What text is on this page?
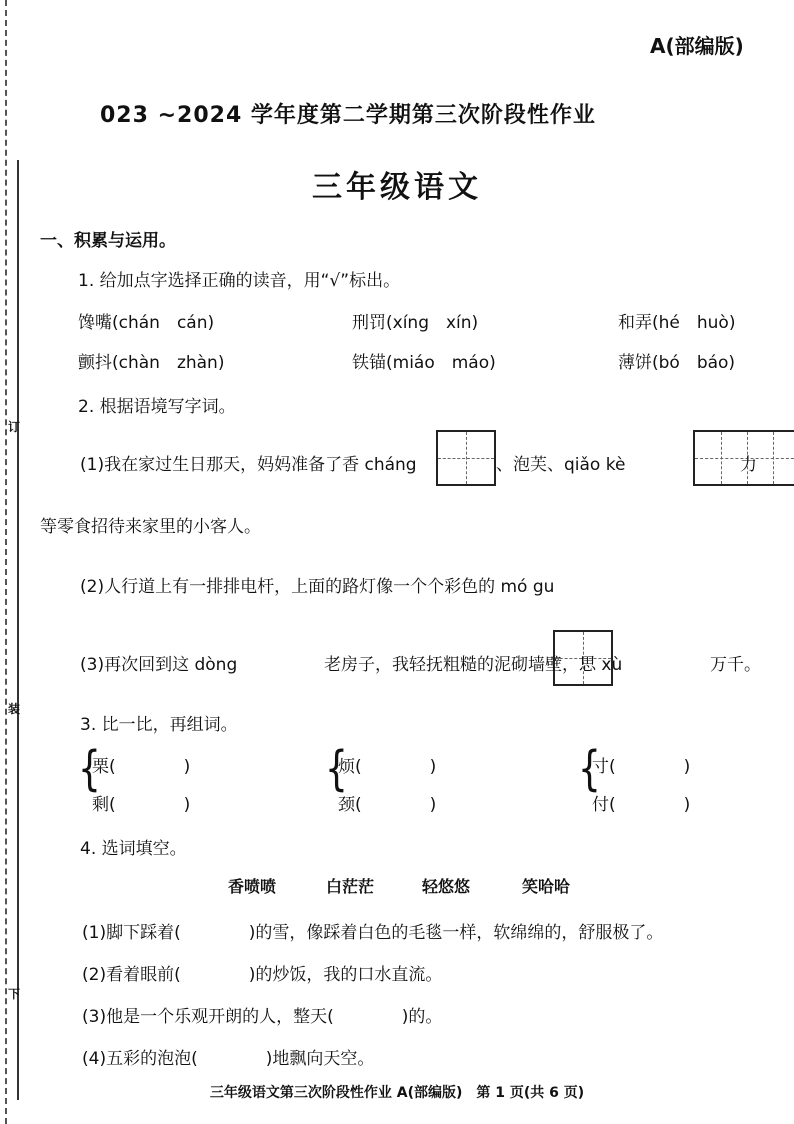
订
装
下
A(部编版)
023 ~2024 学年度第二学期第三次阶段性作业
三年级语文
一、积累与运用。
1. 给加点字选择正确的读音，用“√”标出。
馋嘴(chán　cán)	刑罚(xíng　xín)	和弄(hé　huò)
颤抖(chàn　zhàn)	铁锚(miáo　máo)	薄饼(bó　báo)
2. 根据语境写字词。
(1)我在家过生日那天，妈妈准备了香 cháng
	、泡芙、qiǎo kè
	力
等零食招待来家里的小客人。
(2)人行道上有一排排电杆，上面的路灯像一个个彩色的 mó gu

(3)再次回到这 dòng
	老房子，我轻抚粗糙的泥砌墙壁，思 xù	万千。
3. 比一比，再组词。
{
栗(　　　　)
剩(　　　　)
{
烦(　　　　)
颈(　　　　)
{
寸(　　　　)
付(　　　　)
4. 选词填空。
香喷喷	白茫茫	轻悠悠	笑哈哈
(1)脚下踩着(　　　　)的雪，像踩着白色的毛毯一样，软绵绵的，舒服极了。
(2)看着眼前(　　　　)的炒饭，我的口水直流。
(3)他是一个乐观开朗的人，整天(　　　　)的。
(4)五彩的泡泡(　　　　)地飘向天空。
三年级语文第三次阶段性作业 A(部编版)　第 1 页(共 6 页)
